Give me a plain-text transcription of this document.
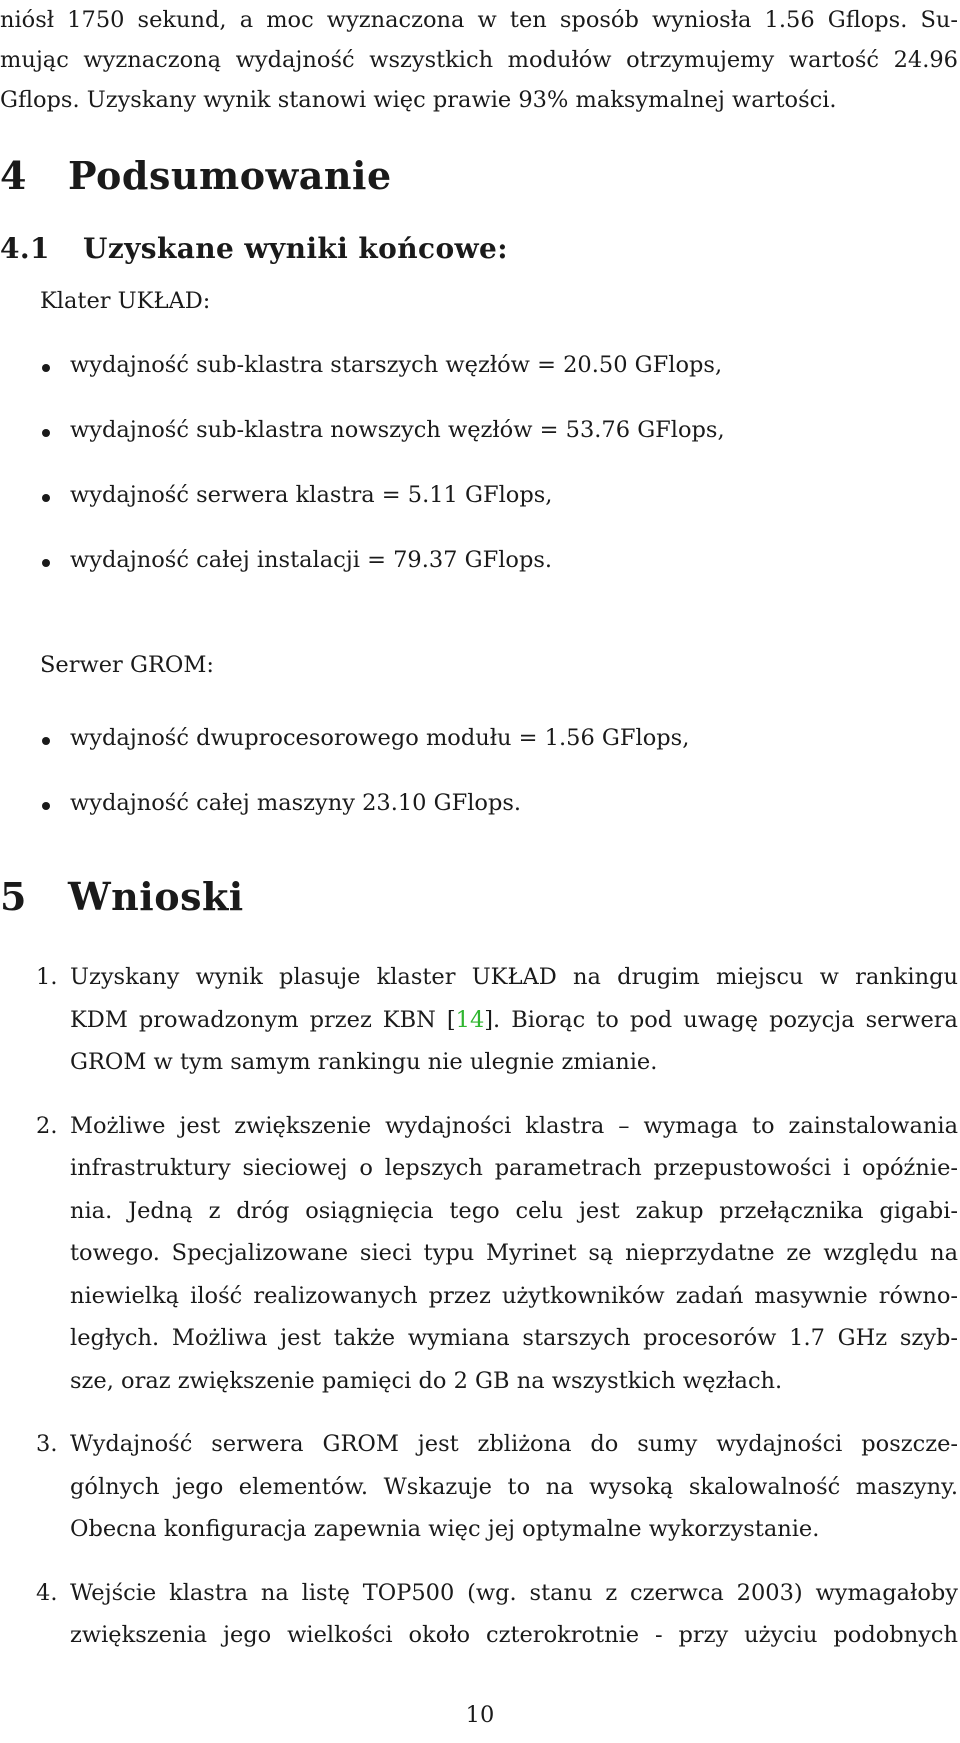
niósł 1750 sekund, a moc wyznaczona w ten sposób wyniosła 1.56 Gflops. Su-
mując wyznaczoną wydajność wszystkich modułów otrzymujemy wartość 24.96
Gflops. Uzyskany wynik stanowi więc prawie 93% maksymalnej wartości.
4 Podsumowanie
4.1 Uzyskane wyniki końcowe:
Klater UKŁAD:
wydajność sub-klastra starszych węzłów = 20.50 GFlops,
wydajność sub-klastra nowszych węzłów = 53.76 GFlops,
wydajność serwera klastra = 5.11 GFlops,
wydajność całej instalacji = 79.37 GFlops.
Serwer GROM:
wydajność dwuprocesorowego modułu = 1.56 GFlops,
wydajność całej maszyny 23.10 GFlops.
5 Wnioski
1. Uzyskany wynik plasuje klaster UKŁAD na drugim miejscu w rankingu
KDM prowadzonym przez KBN [14]. Biorąc to pod uwagę pozycja serwera
GROM w tym samym rankingu nie ulegnie zmianie.
2. Możliwe jest zwiększenie wydajności klastra – wymaga to zainstalowania
infrastruktury sieciowej o lepszych parametrach przepustowości i opóźnie-
nia. Jedną z dróg osiągnięcia tego celu jest zakup przełącznika gigabi-
towego. Specjalizowane sieci typu Myrinet są nieprzydatne ze względu na
niewielką ilość realizowanych przez użytkowników zadań masywnie równo-
ległych. Możliwa jest także wymiana starszych procesorów 1.7 GHz szyb-
sze, oraz zwiększenie pamięci do 2 GB na wszystkich węzłach.
3. Wydajność serwera GROM jest zbliżona do sumy wydajności poszcze-
gólnych jego elementów. Wskazuje to na wysoką skalowalność maszyny.
Obecna konfiguracja zapewnia więc jej optymalne wykorzystanie.
4. Wejście klastra na listę TOP500 (wg. stanu z czerwca 2003) wymagałoby
zwiększenia jego wielkości około czterokrotnie - przy użyciu podobnych
10
